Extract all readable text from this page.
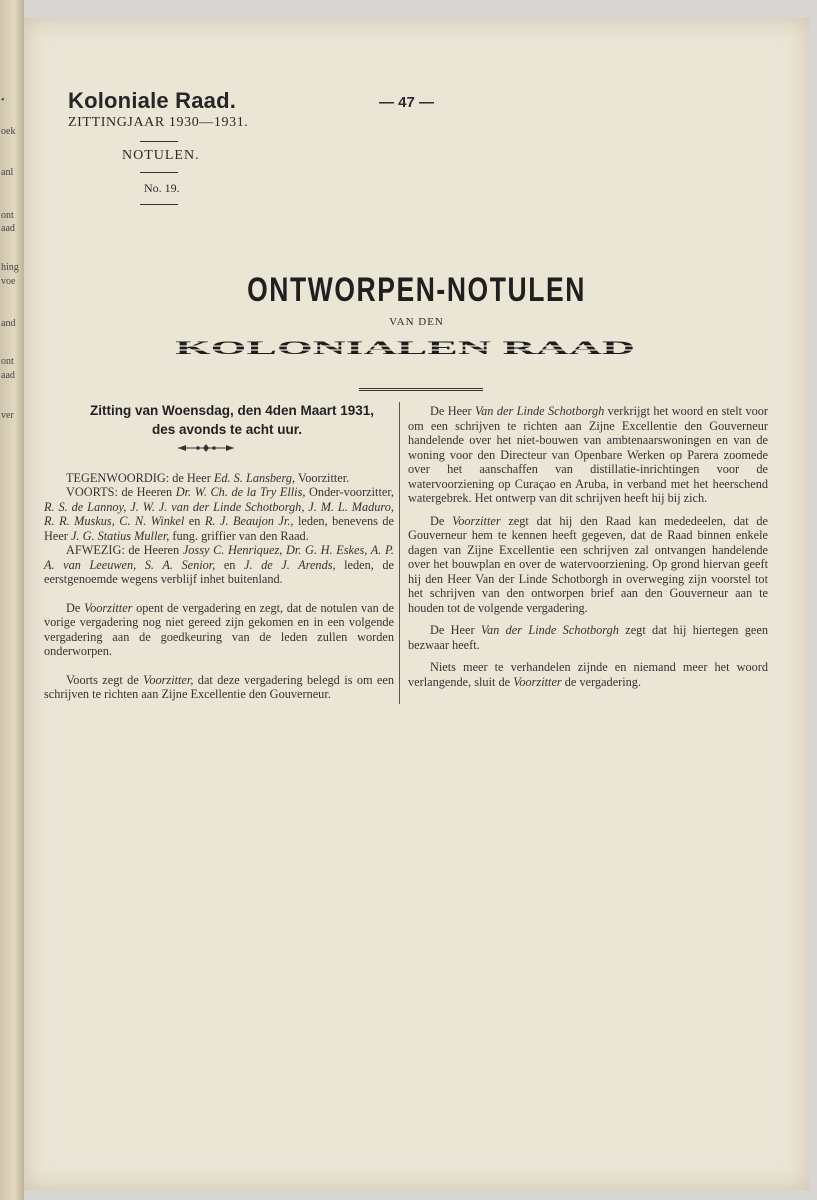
•
oek
anl
ont
aad
hing
voe
and
ont
aad
ver
Koloniale Raad.
ZITTINGJAAR 1930—1931.
NOTULEN.
No. 19.
— 47 —
ONTWORPEN-NOTULEN
VAN DEN
KOLONIALEN RAAD
Zitting van Woensdag, den 4den Maart 1931,
des avonds te acht uur.

TEGENWOORDIG: de Heer Ed. S. Lansberg, Voorzitter.

VOORTS: de Heeren Dr. W. Ch. de la Try Ellis, Onder-voorzitter, R. S. de Lannoy, J. W. J. van der Linde Schotborgh, J. M. L. Maduro, R. R. Muskus, C. N. Winkel en R. J. Beaujon Jr., leden, benevens de Heer J. G. Statius Muller, fung. griffier van den Raad.

AFWEZIG: de Heeren Jossy C. Henriquez, Dr. G. H. Eskes, A. P. A. van Leeuwen, S. A. Senior, en J. de J. Arends, leden, de eerstgenoemde wegens verblijf inhet buitenland.

De Voorzitter opent de vergadering en zegt, dat de notulen van de vorige vergadering nog niet gereed zijn gekomen en in een volgende vergadering aan de goedkeuring van de leden zullen worden onderworpen.

Voorts zegt de Voorzitter, dat deze vergadering belegd is om een schrijven te richten aan Zijne Excellentie den Gouverneur.

De Heer Van der Linde Schotborgh verkrijgt het woord en stelt voor om een schrijven te richten aan Zijne Excellentie den Gouverneur handelende over het niet-bouwen van ambtenaarswoningen en van de woning voor den Directeur van Openbare Werken op Parera zoomede over het aanschaffen van distillatie-inrichtingen voor de watervoorziening op Curaçao en Aruba, in verband met het heerschend watergebrek. Het ontwerp van dit schrijven heeft hij bij zich.

De Voorzitter zegt dat hij den Raad kan mededeelen, dat de Gouverneur hem te kennen heeft gegeven, dat de Raad binnen enkele dagen van Zijne Excellentie een schrijven zal ontvangen handelende over het bouwplan en over de watervoorziening. Op grond hiervan geeft hij den Heer Van der Linde Schotborgh in overweging zijn voorstel tot het schrijven van den ontworpen brief aan den Gouverneur aan te houden tot de volgende vergadering.

De Heer Van der Linde Schotborgh zegt dat hij hiertegen geen bezwaar heeft.

Niets meer te verhandelen zijnde en niemand meer het woord verlangende, sluit de Voorzitter de vergadering.
